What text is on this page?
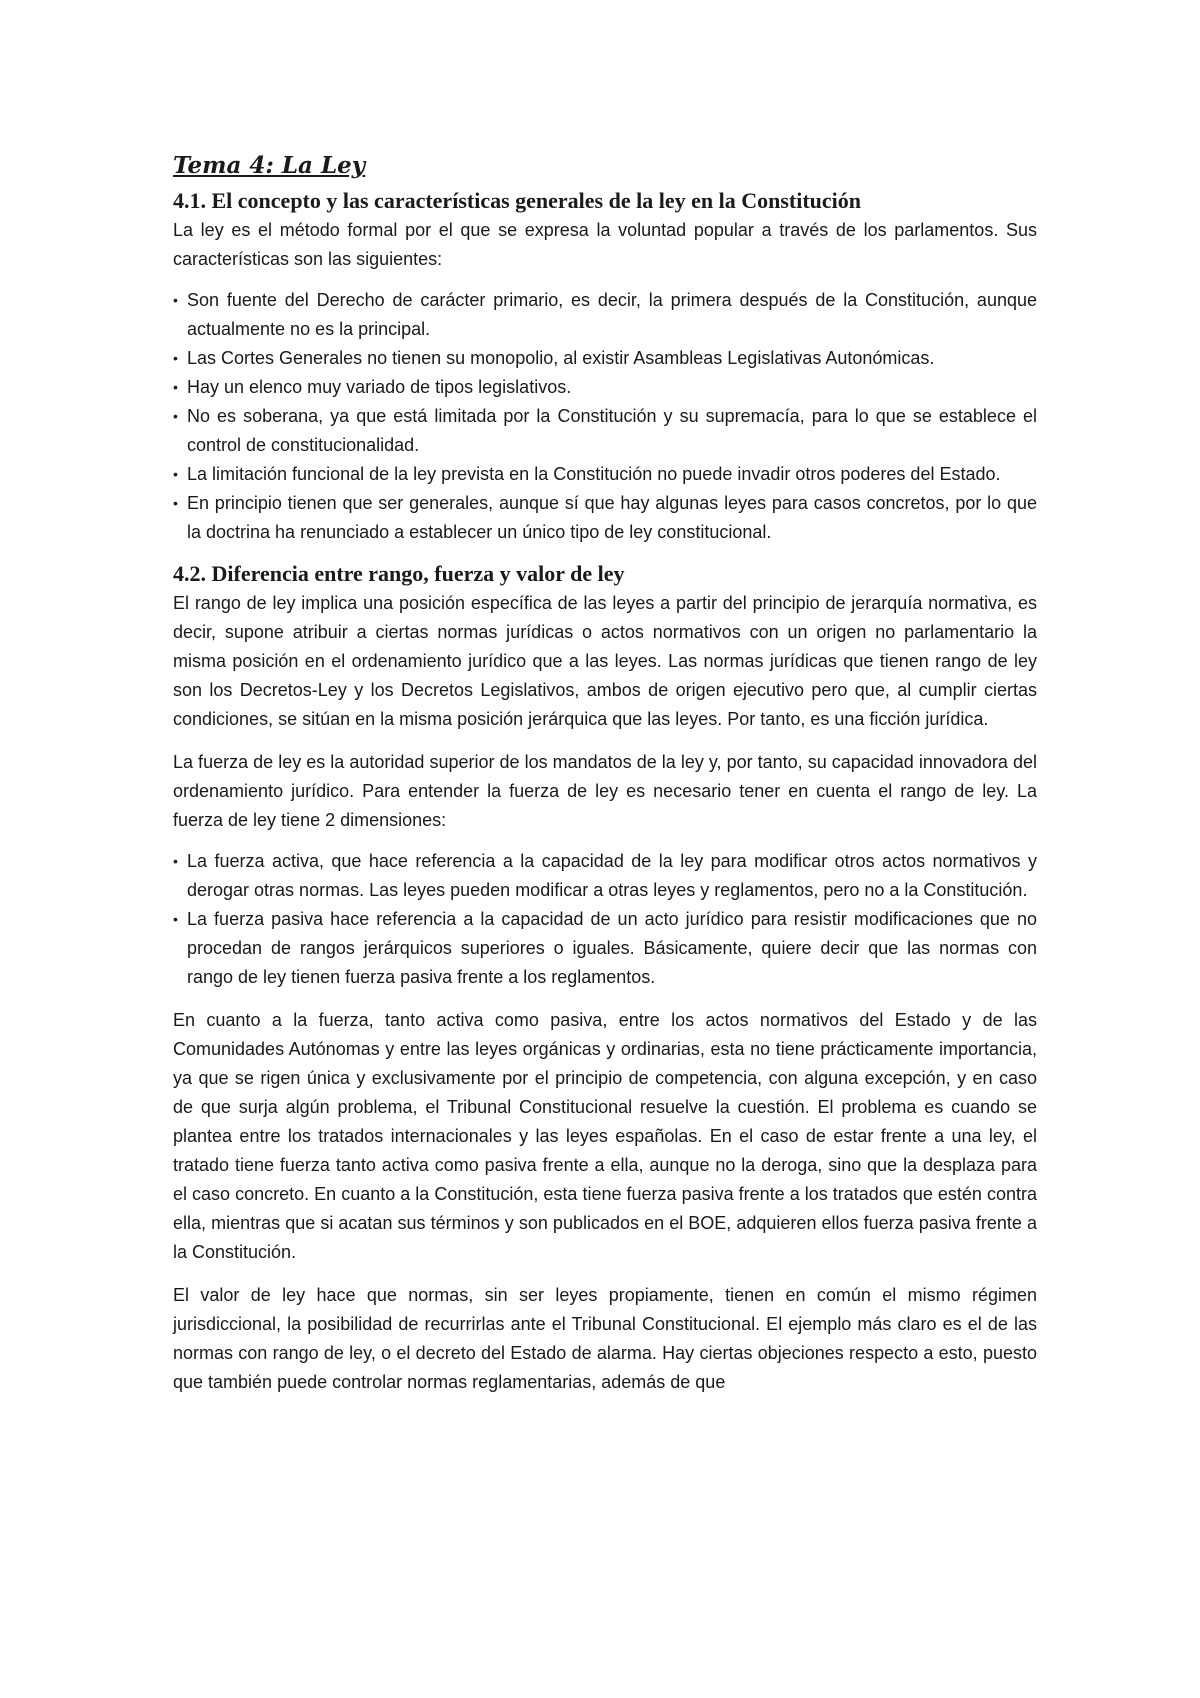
Tema 4: La Ley
4.1. El concepto y las características generales de la ley en la Constitución

La ley es el método formal por el que se expresa la voluntad popular a través de los parlamentos. Sus características son las siguientes:

• Son fuente del Derecho de carácter primario, es decir, la primera después de la Constitución, aunque actualmente no es la principal.
• Las Cortes Generales no tienen su monopolio, al existir Asambleas Legislativas Autonómicas.
• Hay un elenco muy variado de tipos legislativos.
• No es soberana, ya que está limitada por la Constitución y su supremacía, para lo que se establece el control de constitucionalidad.
• La limitación funcional de la ley prevista en la Constitución no puede invadir otros poderes del Estado.
• En principio tienen que ser generales, aunque sí que hay algunas leyes para casos concretos, por lo que la doctrina ha renunciado a establecer un único tipo de ley constitucional.
4.2. Diferencia entre rango, fuerza y valor de ley

El rango de ley implica una posición específica de las leyes a partir del principio de jerarquía normativa, es decir, supone atribuir a ciertas normas jurídicas o actos normativos con un origen no parlamentario la misma posición en el ordenamiento jurídico que a las leyes. Las normas jurídicas que tienen rango de ley son los Decretos-Ley y los Decretos Legislativos, ambos de origen ejecutivo pero que, al cumplir ciertas condiciones, se sitúan en la misma posición jerárquica que las leyes. Por tanto, es una ficción jurídica.

La fuerza de ley es la autoridad superior de los mandatos de la ley y, por tanto, su capacidad innovadora del ordenamiento jurídico. Para entender la fuerza de ley es necesario tener en cuenta el rango de ley. La fuerza de ley tiene 2 dimensiones:

• La fuerza activa, que hace referencia a la capacidad de la ley para modificar otros actos normativos y derogar otras normas. Las leyes pueden modificar a otras leyes y reglamentos, pero no a la Constitución.
• La fuerza pasiva hace referencia a la capacidad de un acto jurídico para resistir modificaciones que no procedan de rangos jerárquicos superiores o iguales. Básicamente, quiere decir que las normas con rango de ley tienen fuerza pasiva frente a los reglamentos.

En cuanto a la fuerza, tanto activa como pasiva, entre los actos normativos del Estado y de las Comunidades Autónomas y entre las leyes orgánicas y ordinarias, esta no tiene prácticamente importancia, ya que se rigen única y exclusivamente por el principio de competencia, con alguna excepción, y en caso de que surja algún problema, el Tribunal Constitucional resuelve la cuestión. El problema es cuando se plantea entre los tratados internacionales y las leyes españolas. En el caso de estar frente a una ley, el tratado tiene fuerza tanto activa como pasiva frente a ella, aunque no la deroga, sino que la desplaza para el caso concreto. En cuanto a la Constitución, esta tiene fuerza pasiva frente a los tratados que estén contra ella, mientras que si acatan sus términos y son publicados en el BOE, adquieren ellos fuerza pasiva frente a la Constitución.

El valor de ley hace que normas, sin ser leyes propiamente, tienen en común el mismo régimen jurisdiccional, la posibilidad de recurrirlas ante el Tribunal Constitucional. El ejemplo más claro es el de las normas con rango de ley, o el decreto del Estado de alarma. Hay ciertas objeciones respecto a esto, puesto que también puede controlar normas reglamentarias, además de que
